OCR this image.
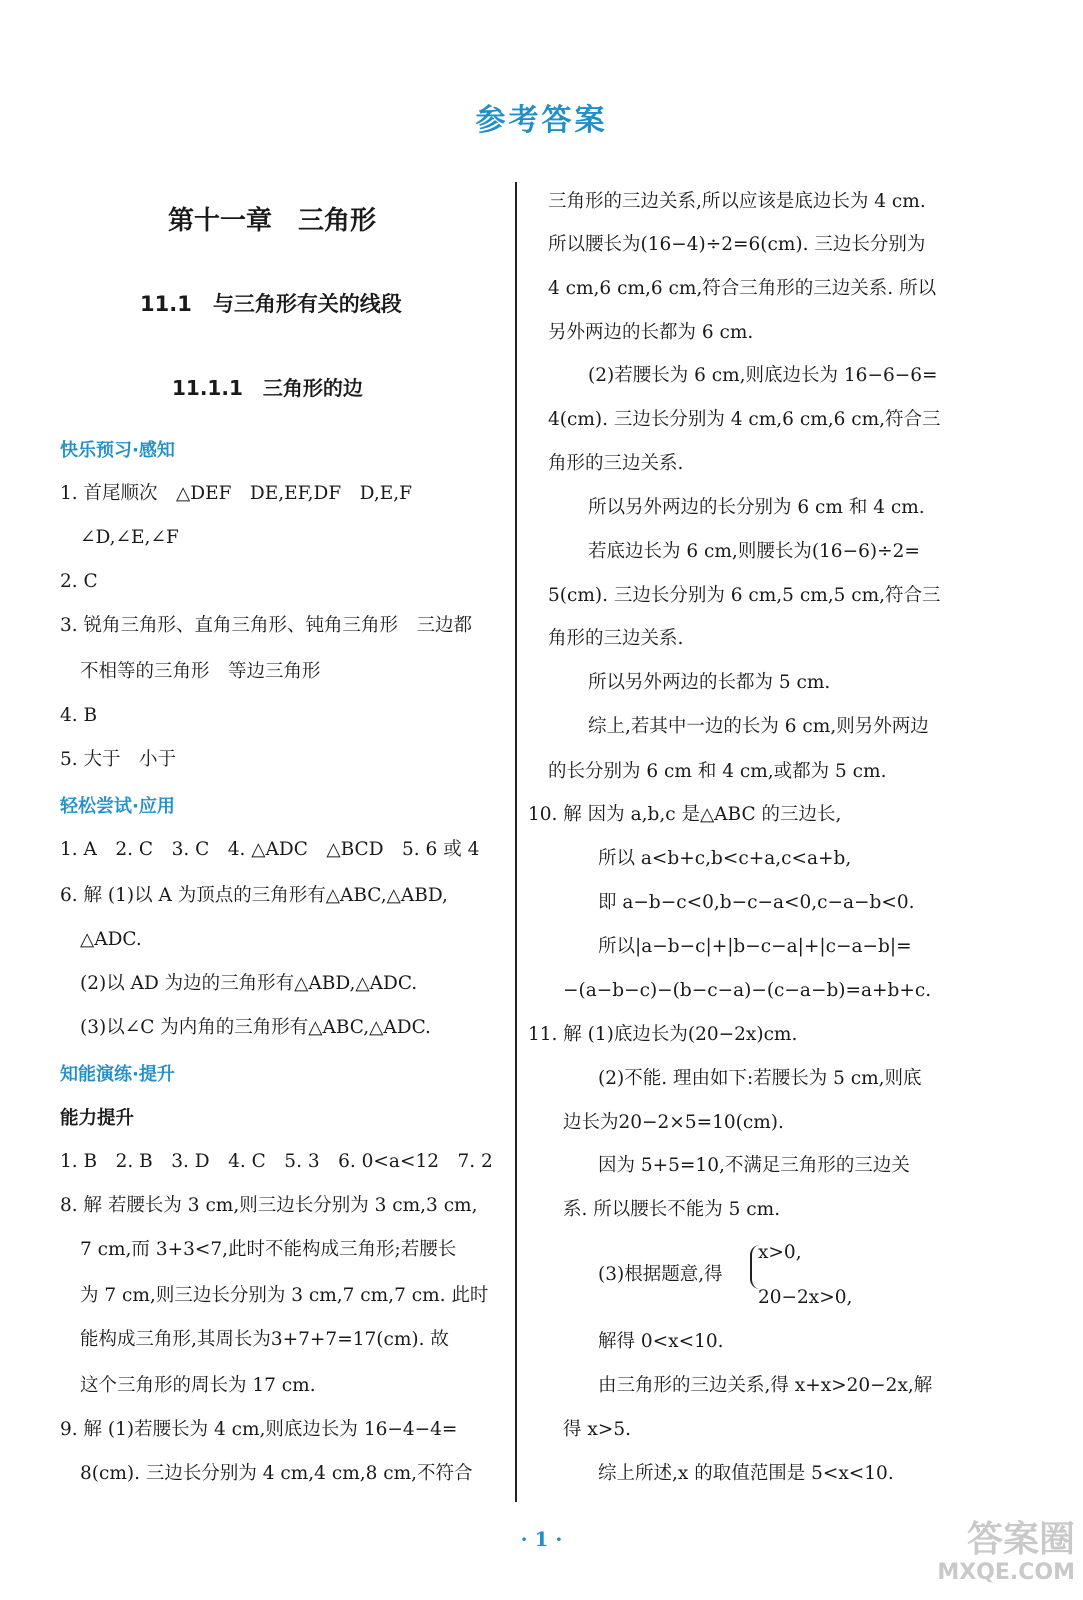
参考答案
第十一章　三角形
11.1　与三角形有关的线段
11.1.1　三角形的边
快乐预习·感知
1. 首尾顺次　△DEF　DE,EF,DF　D,E,F
∠D,∠E,∠F
2. C
3. 锐角三角形、直角三角形、钝角三角形　三边都
不相等的三角形　等边三角形
4. B
5. 大于　小于
轻松尝试·应用
1. A　2. C　3. C　4. △ADC　△BCD　5. 6 或 4
6. 解 (1)以 A 为顶点的三角形有△ABC,△ABD,
△ADC.
(2)以 AD 为边的三角形有△ABD,△ADC.
(3)以∠C 为内角的三角形有△ABC,△ADC.
知能演练·提升
能力提升
1. B　2. B　3. D　4. C　5. 3　6. 0<a<12　7. 2
8. 解 若腰长为 3 cm,则三边长分别为 3 cm,3 cm,
7 cm,而 3+3<7,此时不能构成三角形;若腰长
为 7 cm,则三边长分别为 3 cm,7 cm,7 cm. 此时
能构成三角形,其周长为3+7+7=17(cm). 故
这个三角形的周长为 17 cm.
9. 解 (1)若腰长为 4 cm,则底边长为 16−4−4=
8(cm). 三边长分别为 4 cm,4 cm,8 cm,不符合
三角形的三边关系,所以应该是底边长为 4 cm.
所以腰长为(16−4)÷2=6(cm). 三边长分别为
4 cm,6 cm,6 cm,符合三角形的三边关系. 所以
另外两边的长都为 6 cm.
(2)若腰长为 6 cm,则底边长为 16−6−6=
4(cm). 三边长分别为 4 cm,6 cm,6 cm,符合三
角形的三边关系.
所以另外两边的长分别为 6 cm 和 4 cm.
若底边长为 6 cm,则腰长为(16−6)÷2=
5(cm). 三边长分别为 6 cm,5 cm,5 cm,符合三
角形的三边关系.
所以另外两边的长都为 5 cm.
综上,若其中一边的长为 6 cm,则另外两边
的长分别为 6 cm 和 4 cm,或都为 5 cm.
10. 解 因为 a,b,c 是△ABC 的三边长,
所以 a<b+c,b<c+a,c<a+b,
即 a−b−c<0,b−c−a<0,c−a−b<0.
所以|a−b−c|+|b−c−a|+|c−a−b|=
−(a−b−c)−(b−c−a)−(c−a−b)=a+b+c.
11. 解 (1)底边长为(20−2x)cm.
(2)不能. 理由如下:若腰长为 5 cm,则底
边长为20−2×5=10(cm).
因为 5+5=10,不满足三角形的三边关
系. 所以腰长不能为 5 cm.
(3)根据题意,得
x>0,
20−2x>0,
解得 0<x<10.
由三角形的三边关系,得 x+x>20−2x,解
得 x>5.
综上所述,x 的取值范围是 5<x<10.
· 1 ·	答案圈
MXQE.COM
